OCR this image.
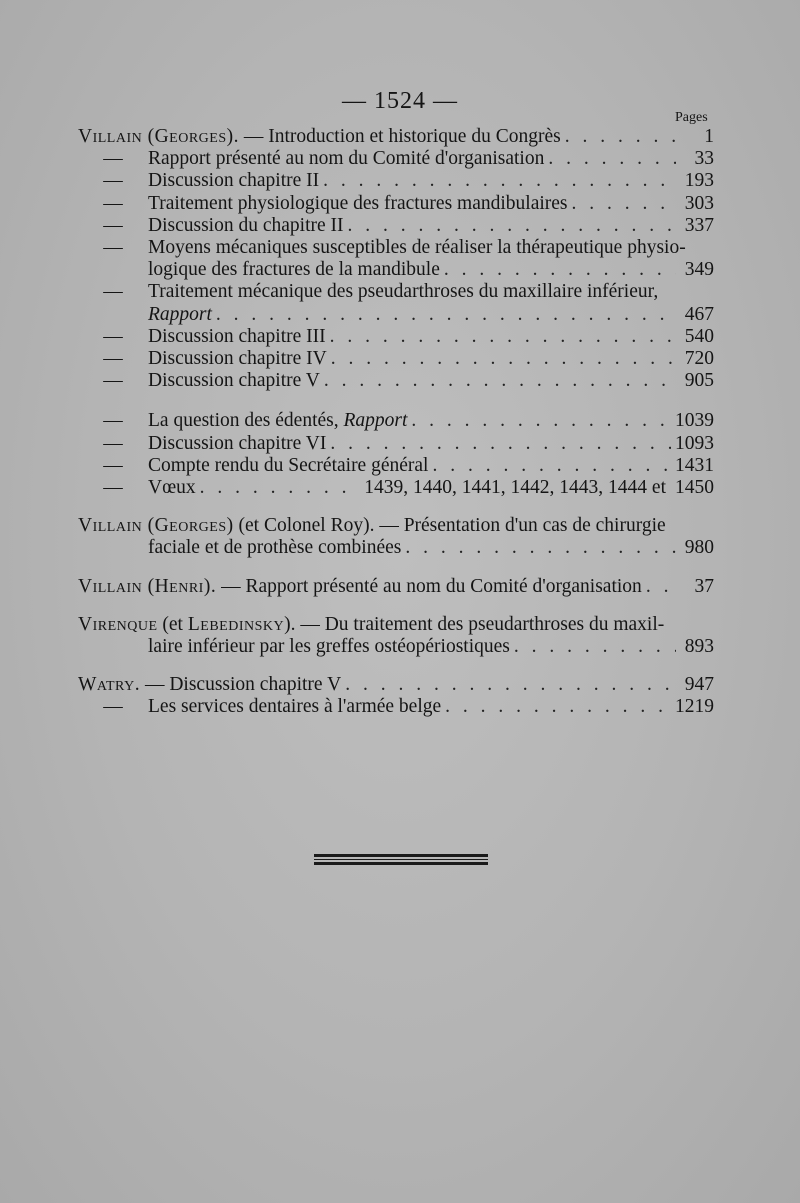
— 1524 —
Pages
Villain (Georges). — Introduction et historique du Congrès . . .	1
—	Rapport présenté au nom du Comité d'organisation . . .	33
—	Discussion chapitre II . . .	193
—	Traitement physiologique des fractures mandibulaires . . .	303
—	Discussion du chapitre II . . .	337
—	Moyens mécaniques susceptibles de réaliser la thérapeutique physio-
logique des fractures de la mandibule . . .	349
—	Traitement mécanique des pseudarthroses du maxillaire inférieur,
Rapport . . .	467
—	Discussion chapitre III . . .	540
—	Discussion chapitre IV . . .	720
—	Discussion chapitre V . . .	905
—	La question des édentés, Rapport . . .	1039
—	Discussion chapitre VI . . .	1093
—	Compte rendu du Secrétaire général . . .	1431
—	Vœux . . .	1439, 1440, 1441, 1442, 1443, 1444 et 1450
Villain (Georges) (et Colonel Roy). — Présentation d'un cas de chirurgie
faciale et de prothèse combinées . . .	980
Villain (Henri). — Rapport présenté au nom du Comité d'organisation . . .	37
Virenque (et Lebedinsky). — Du traitement des pseudarthroses du maxil-
laire inférieur par les greffes ostéopériostiques . . .	893
Watry. — Discussion chapitre V . . .	947
—	Les services dentaires à l'armée belge . . .	1219
